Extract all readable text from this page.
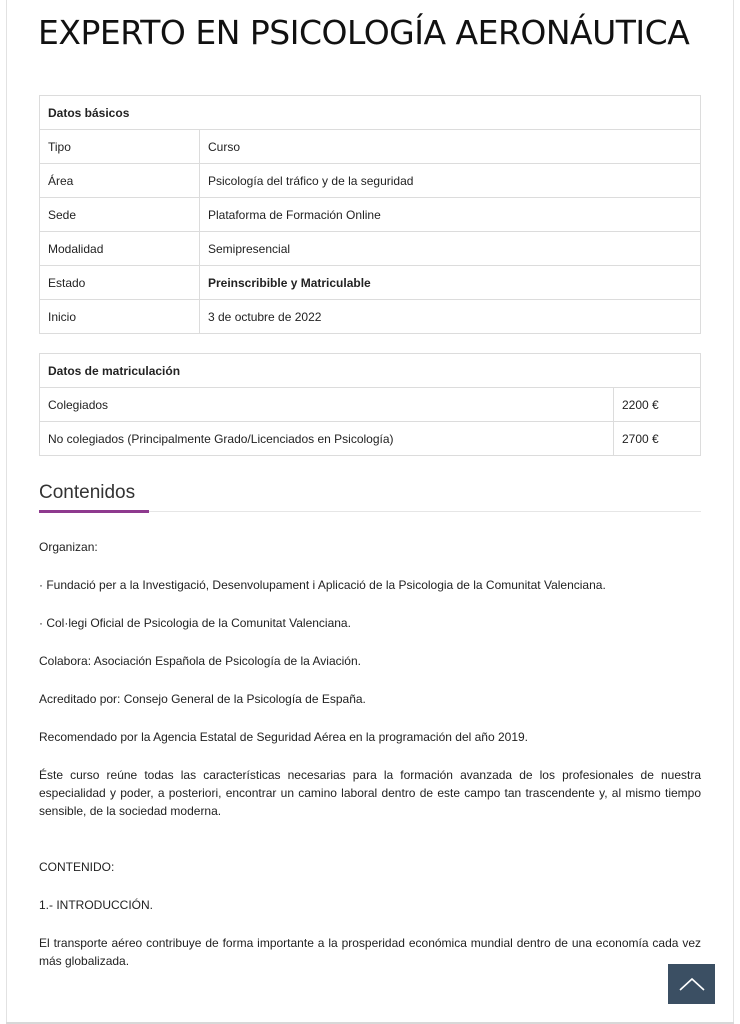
EXPERTO EN PSICOLOGÍA AERONÁUTICA
Datos básicos	
Tipo	Curso
Área	Psicología del tráfico y de la seguridad
Sede	Plataforma de Formación Online
Modalidad	Semipresencial
Estado	Preinscribible y Matriculable
Inicio	3 de octubre de 2022
Datos de matriculación	
Colegiados	2200 €
No colegiados (Principalmente Grado/Licenciados en Psicología)	2700 €
Contenidos

Organizan:

· Fundació per a la Investigació, Desenvolupament i Aplicació de la Psicologia de la Comunitat Valenciana.

· Col·legi Oficial de Psicologia de la Comunitat Valenciana.

Colabora: Asociación Española de Psicología de la Aviación.

Acreditado por: Consejo General de la Psicología de España.

Recomendado por la Agencia Estatal de Seguridad Aérea en la programación del año 2019.

Éste curso reúne todas las características necesarias para la formación avanzada de los profesionales de nuestra especialidad y poder, a posteriori, encontrar un camino laboral dentro de este campo tan trascendente y, al mismo tiempo sensible, de la sociedad moderna.

CONTENIDO:

1.- INTRODUCCIÓN.

El transporte aéreo contribuye de forma importante a la prosperidad económica mundial dentro de una economía cada vez más globalizada.
